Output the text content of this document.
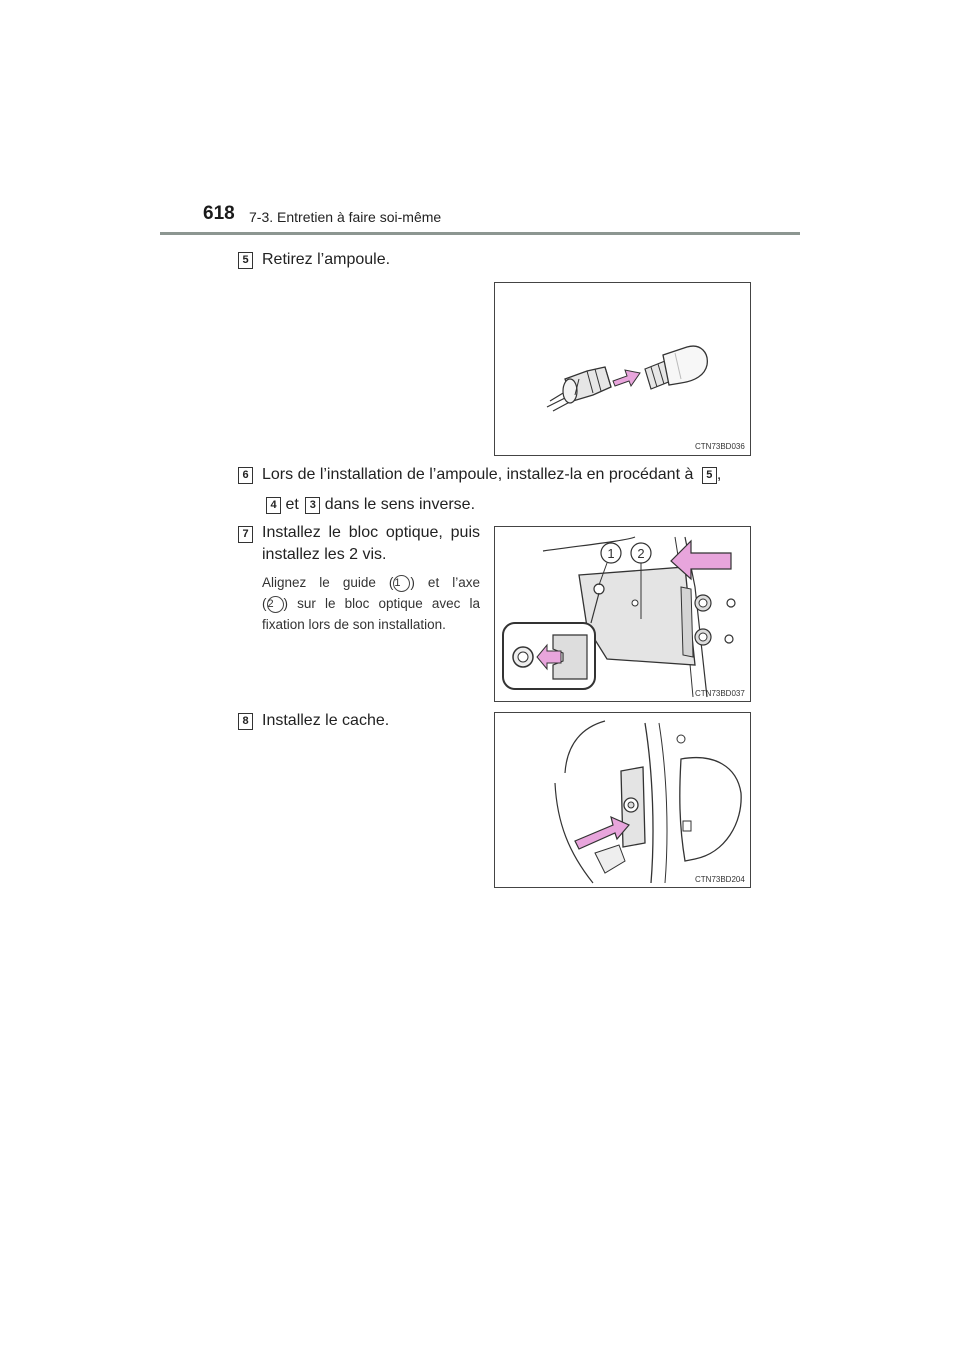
618 7-3. Entretien à faire soi-même
5 Retirez l’ampoule.
CTN73BD036
6 Lors de l’installation de l’ampoule, installez-la en procédant à 5 ,
4 et 3 dans le sens inverse.
7 Installez le bloc optique, puis
installez les 2 vis.
Alignez le guide (1 ) et l’axe
(2 ) sur le bloc optique avec la
fixation lors de son installation.
1 2
CTN73BD037
8 Installez le cache.
CTN73BD204
